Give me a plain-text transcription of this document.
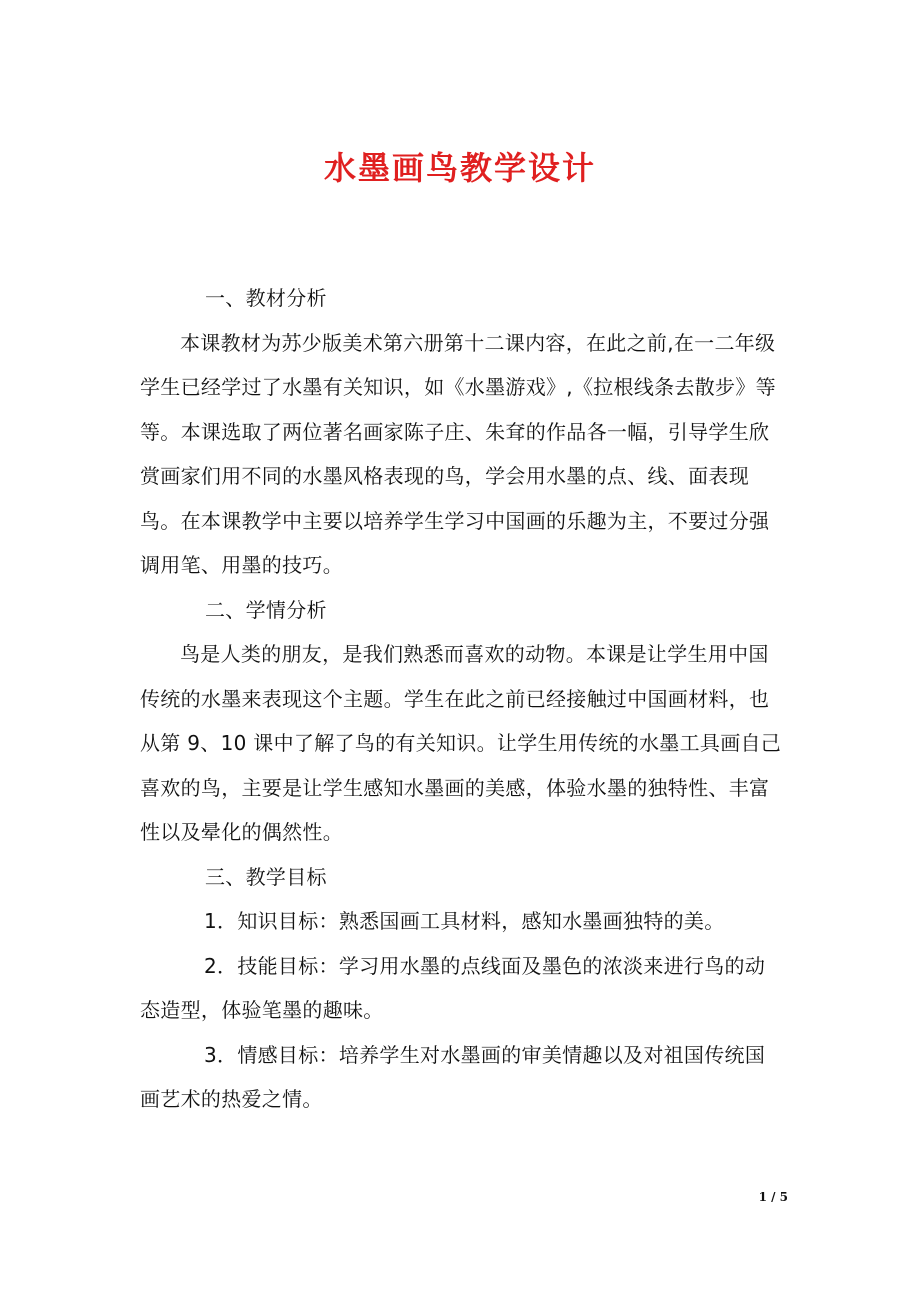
水墨画鸟教学设计

一、教材分析

本课教材为苏少版美术第六册第十二课内容，在此之前,在一二年级学生已经学过了水墨有关知识，如《水墨游戏》,《拉根线条去散步》等等。本课选取了两位著名画家陈子庄、朱耷的作品各一幅，引导学生欣赏画家们用不同的水墨风格表现的鸟，学会用水墨的点、线、面表现鸟。在本课教学中主要以培养学生学习中国画的乐趣为主，不要过分强调用笔、用墨的技巧。

二、学情分析

鸟是人类的朋友，是我们熟悉而喜欢的动物。本课是让学生用中国传统的水墨来表现这个主题。学生在此之前已经接触过中国画材料，也从第 9、10 课中了解了鸟的有关知识。让学生用传统的水墨工具画自己喜欢的鸟，主要是让学生感知水墨画的美感，体验水墨的独特性、丰富性以及晕化的偶然性。

三、教学目标

1．知识目标：熟悉国画工具材料，感知水墨画独特的美。

2．技能目标：学习用水墨的点线面及墨色的浓淡来进行鸟的动态造型，体验笔墨的趣味。

3．情感目标：培养学生对水墨画的审美情趣以及对祖国传统国画艺术的热爱之情。

1 / 5
